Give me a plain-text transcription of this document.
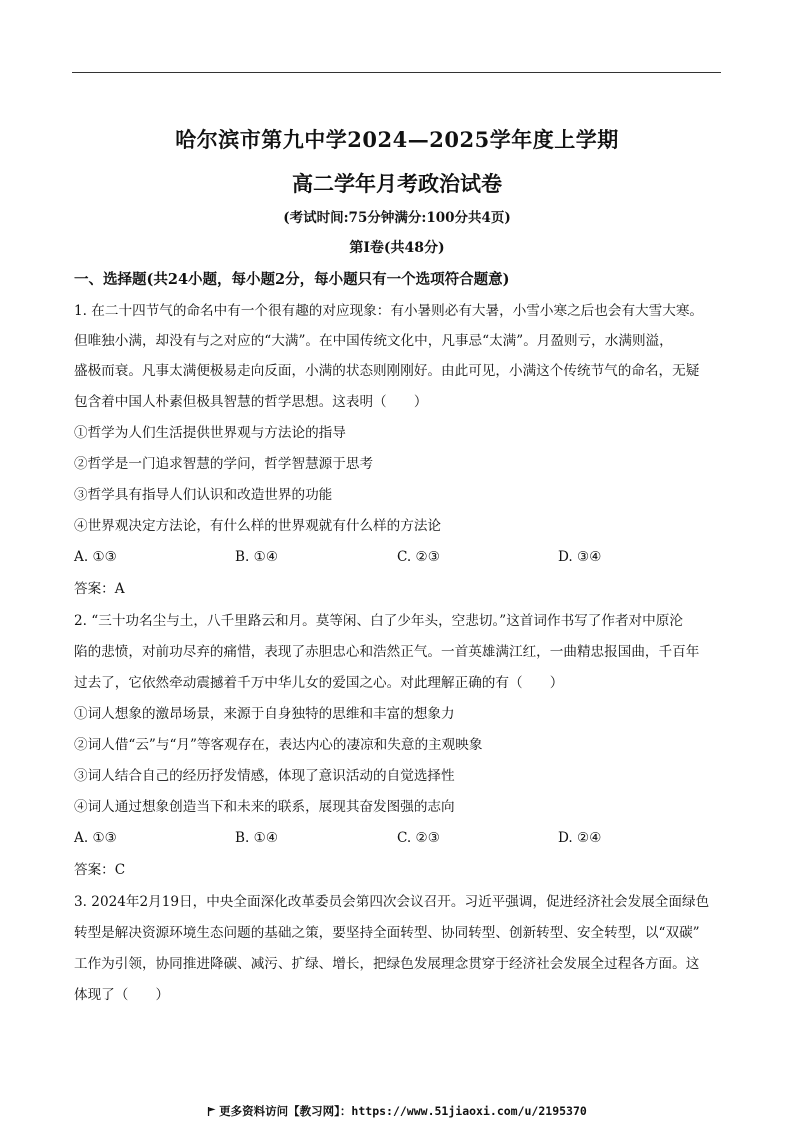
哈尔滨市第九中学2024—2025学年度上学期
高二学年月考政治试卷
(考试时间:75分钟满分:100分共4页)
第Ⅰ卷(共48分)
一、选择题(共24小题，每小题2分，每小题只有一个选项符合题意)
1. 在二十四节气的命名中有一个很有趣的对应现象：有小暑则必有大暑，小雪小寒之后也会有大雪大寒。
但唯独小满，却没有与之对应的“大满”。在中国传统文化中，凡事忌“太满”。月盈则亏，水满则溢，
盛极而衰。凡事太满便极易走向反面，小满的状态则刚刚好。由此可见，小满这个传统节气的命名，无疑
包含着中国人朴素但极具智慧的哲学思想。这表明（　　）
①哲学为人们生活提供世界观与方法论的指导
②哲学是一门追求智慧的学问，哲学智慧源于思考
③哲学具有指导人们认识和改造世界的功能
④世界观决定方法论，有什么样的世界观就有什么样的方法论
A. ①③	B. ①④	C. ②③	D. ③④
答案：A
2. “三十功名尘与土，八千里路云和月。莫等闲、白了少年头，空悲切。”这首词作书写了作者对中原沦
陷的悲愤，对前功尽弃的痛惜，表现了赤胆忠心和浩然正气。一首英雄满江红，一曲精忠报国曲，千百年
过去了，它依然牵动震撼着千万中华儿女的爱国之心。对此理解正确的有（　　）
①词人想象的激昂场景，来源于自身独特的思维和丰富的想象力
②词人借“云”与“月”等客观存在，表达内心的凄凉和失意的主观映象
③词人结合自己的经历抒发情感，体现了意识活动的自觉选择性
④词人通过想象创造当下和未来的联系，展现其奋发图强的志向
A. ①③	B. ①④	C. ②③	D. ②④
答案：C
3. 2024年2月19日，中央全面深化改革委员会第四次会议召开。习近平强调，促进经济社会发展全面绿色
转型是解决资源环境生态问题的基础之策，要坚持全面转型、协同转型、创新转型、安全转型，以“双碳”
工作为引领，协同推进降碳、减污、扩绿、增长，把绿色发展理念贯穿于经济社会发展全过程各方面。这
体现了（　　）
更多资料访问【教习网】：https://www.51jiaoxi.com/u/2195370
